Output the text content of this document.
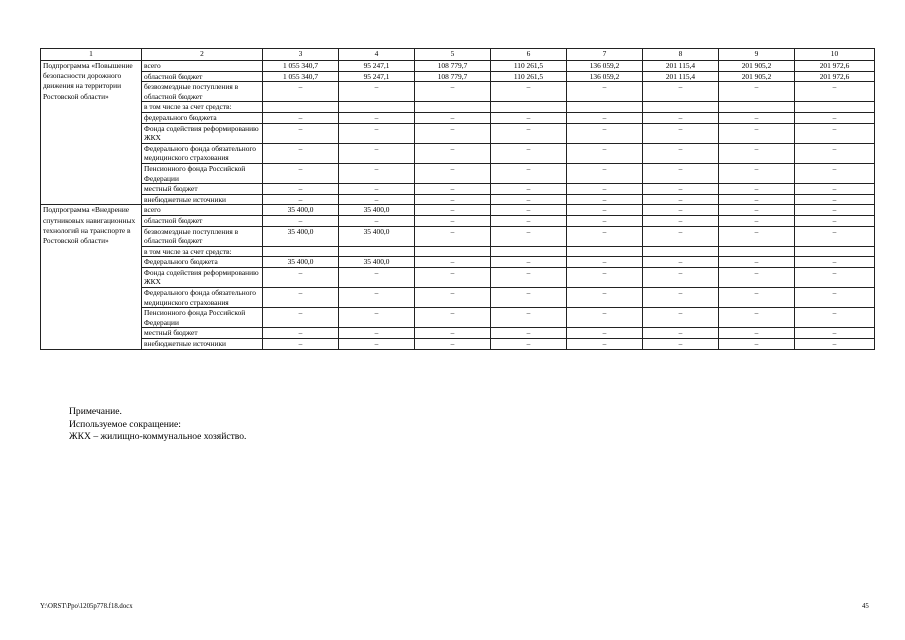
1	2	3	4	5	6	7	8	9	10
Подпрограмма «Повышение безопасности дорожного движения на территории Ростовской области»	всего	1 055 340,7	95 247,1	108 779,7	110 261,5	136 059,2	201 115,4	201 905,2	201 972,6
	областной бюджет	1 055 340,7	95 247,1	108 779,7	110 261,5	136 059,2	201 115,4	201 905,2	201 972,6
	безвозмездные поступления в областной бюджет	–	–	–	–	–	–	–	–
	в том числе за счет средств:								
	федерального бюджета	–	–	–	–	–	–	–	–
	Фонда содействия реформированию ЖКХ	–	–	–	–	–	–	–	–
	Федерального фонда обязательного медицинского страхования	–	–	–	–	–	–	–	–
	Пенсионного фонда Российской Федерации	–	–	–	–	–	–	–	–
	местный бюджет	–	–	–	–	–	–	–	–
	внебюджетные источники	–	–	–	–	–	–	–	–
Подпрограмма «Внедрение спутниковых навигационных технологий на транспорте в Ростовской области»	всего	35 400,0	35 400,0	–	–	–	–	–	–
	областной бюджет	–	–	–	–	–	–	–	–
	безвозмездные поступления в областной бюджет	35 400,0	35 400,0	–	–	–	–	–	–
	в том числе за счет средств:								
	Федерального бюджета	35 400,0	35 400,0	–	–	–	–	–	–
	Фонда содействия реформированию ЖКХ	–	–	–	–	–	–	–	–
	Федерального фонда обязательного медицинского страхования	–	–	–	–	–	–	–	–
	Пенсионного фонда Российской Федерации	–	–	–	–	–	–	–	–
	местный бюджет	–	–	–	–	–	–	–	–
	внебюджетные источники	–	–	–	–	–	–	–	–
Примечание.
Используемое сокращение:
ЖКХ – жилищно-коммунальное хозяйство.
Y:\ORST\Ppo\1205p778.f18.docx	45
